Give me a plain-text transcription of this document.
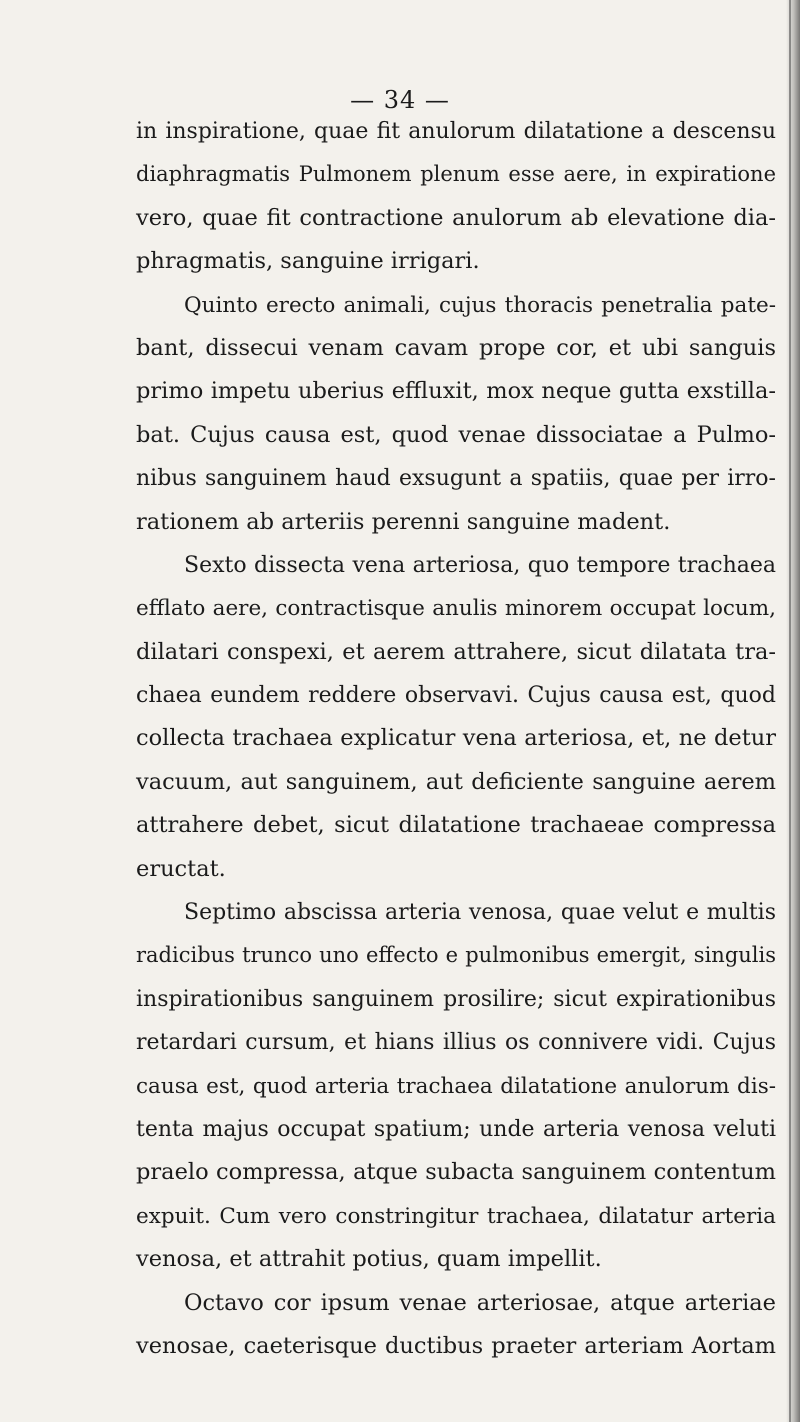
— 34 —
in inspiratione, quae fit anulorum dilatatione a descensu
diaphragmatis Pulmonem plenum esse aere, in expiratione
vero, quae fit contractione anulorum ab elevatione dia-
phragmatis, sanguine irrigari.
Quinto erecto animali, cujus thoracis penetralia pate-
bant, dissecui venam cavam prope cor, et ubi sanguis
primo impetu uberius effluxit, mox neque gutta exstilla-
bat. Cujus causa est, quod venae dissociatae a Pulmo-
nibus sanguinem haud exsugunt a spatiis, quae per irro-
rationem ab arteriis perenni sanguine madent.
Sexto dissecta vena arteriosa, quo tempore trachaea
efflato aere, contractisque anulis minorem occupat locum,
dilatari conspexi, et aerem attrahere, sicut dilatata tra-
chaea eundem reddere observavi. Cujus causa est, quod
collecta trachaea explicatur vena arteriosa, et, ne detur
vacuum, aut sanguinem, aut deficiente sanguine aerem
attrahere debet, sicut dilatatione trachaeae compressa
eructat.
Septimo abscissa arteria venosa, quae velut e multis
radicibus trunco uno effecto e pulmonibus emergit, singulis
inspirationibus sanguinem prosilire; sicut expirationibus
retardari cursum, et hians illius os connivere vidi. Cujus
causa est, quod arteria trachaea dilatatione anulorum dis-
tenta majus occupat spatium; unde arteria venosa veluti
praelo compressa, atque subacta sanguinem contentum
expuit. Cum vero constringitur trachaea, dilatatur arteria
venosa, et attrahit potius, quam impellit.
Octavo cor ipsum venae arteriosae, atque arteriae
venosae, caeterisque ductibus praeter arteriam Aortam
